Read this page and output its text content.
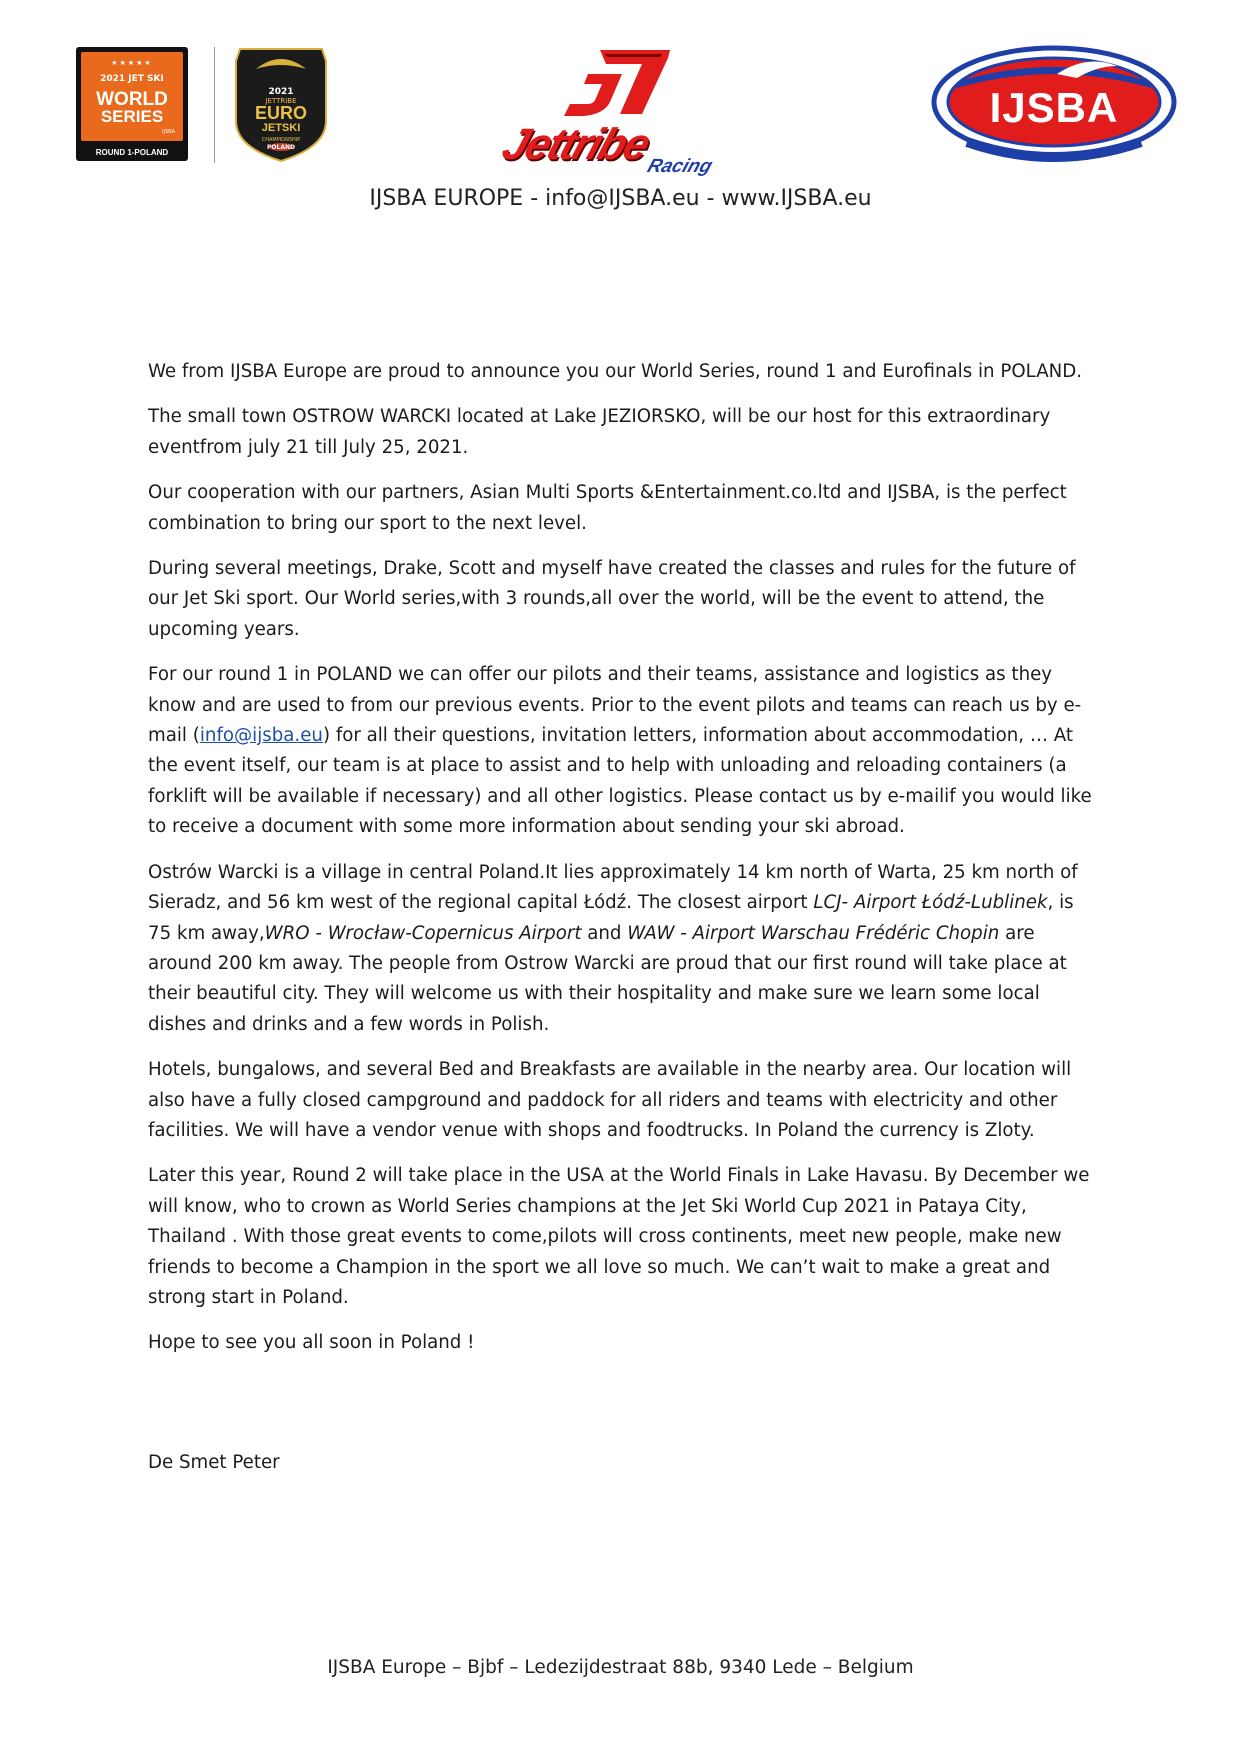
★★★★★
2021 JET SKI
WORLD
SERIES
IJSBA
ROUND 1-POLAND
2021
JETTRIBE
EURO
JETSKI
CHAMPIONSHIP
POLAND	Jettribe
Racing
IJSBA
IJSBA EUROPE - info@IJSBA.eu - www.IJSBA.eu

We from IJSBA Europe are proud to announce you our World Series, round 1 and Eurofinals in POLAND.

The small town OSTROW WARCKI located at Lake JEZIORSKO, will be our host for this extraordinary eventfrom july 21 till July 25, 2021.

Our cooperation with our partners, Asian Multi Sports &Entertainment.co.ltd and IJSBA, is the perfect combination to bring our sport to the next level.

During several meetings, Drake, Scott and myself have created the classes and rules for the future of our Jet Ski sport. Our World series,with 3 rounds,all over the world, will be the event to attend, the upcoming years.

For our round 1 in POLAND we can offer our pilots and their teams, assistance and logistics as they know and are used to from our previous events. Prior to the event pilots and teams can reach us by e-mail (info@ijsba.eu) for all their questions, invitation letters, information about accommodation, … At the event itself, our team is at place to assist and to help with unloading and reloading containers (a forklift will be available if necessary) and all other logistics. Please contact us by e-mailif you would like to receive a document with some more information about sending your ski abroad.

Ostrów Warcki is a village in central Poland.It lies approximately 14 km north of Warta, 25 km north of Sieradz, and 56 km west of the regional capital Łódź. The closest airport LCJ- Airport Łódź-Lublinek, is 75 km away,WRO - Wrocław-Copernicus Airport and WAW - Airport Warschau Frédéric Chopin are around 200 km away. The people from Ostrow Warcki are proud that our first round will take place at their beautiful city. They will welcome us with their hospitality and make sure we learn some local dishes and drinks and a few words in Polish.

Hotels, bungalows, and several Bed and Breakfasts are available in the nearby area. Our location will also have a fully closed campground and paddock for all riders and teams with electricity and other facilities. We will have a vendor venue with shops and foodtrucks. In Poland the currency is Zloty.

Later this year, Round 2 will take place in the USA at the World Finals in Lake Havasu. By December we will know, who to crown as World Series champions at the Jet Ski World Cup 2021 in Pataya City, Thailand . With those great events to come,pilots will cross continents, meet new people, make new friends to become a Champion in the sport we all love so much. We can’t wait to make a great and strong start in Poland.

Hope to see you all soon in Poland !

De Smet Peter
IJSBA Europe – Bjbf – Ledezijdestraat 88b, 9340 Lede – Belgium
